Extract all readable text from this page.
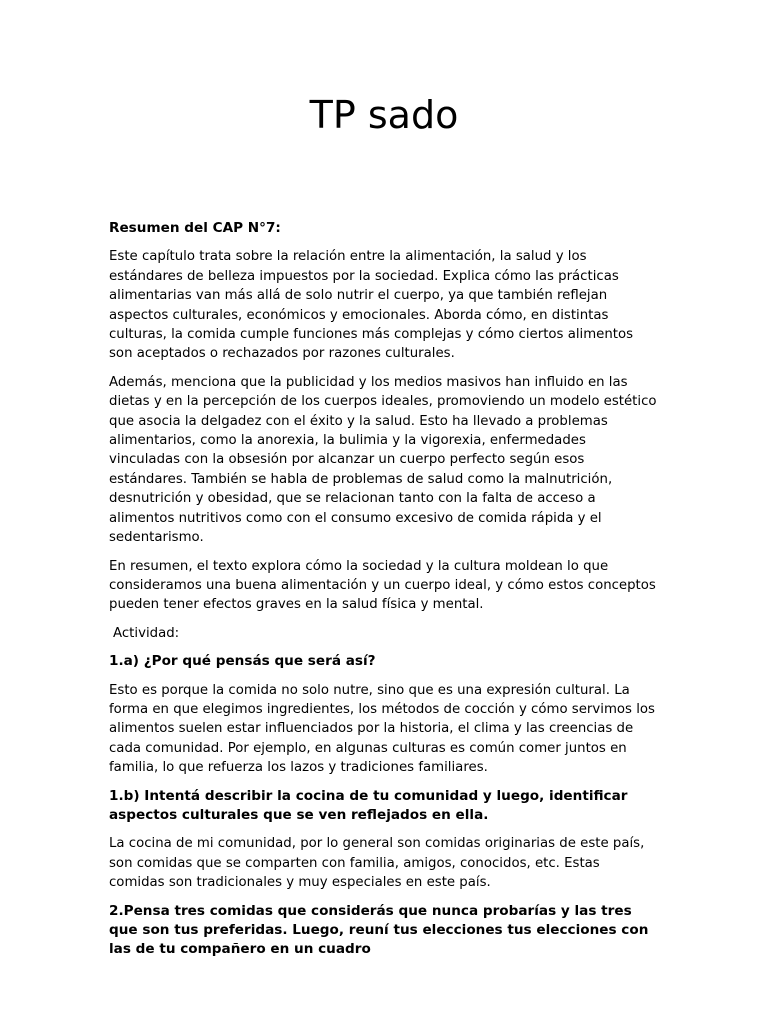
TP sado

Resumen del CAP N°7:

Este capítulo trata sobre la relación entre la alimentación, la salud y los estándares de belleza impuestos por la sociedad. Explica cómo las prácticas alimentarias van más allá de solo nutrir el cuerpo, ya que también reflejan aspectos culturales, económicos y emocionales. Aborda cómo, en distintas culturas, la comida cumple funciones más complejas y cómo ciertos alimentos son aceptados o rechazados por razones culturales.

Además, menciona que la publicidad y los medios masivos han influido en las dietas y en la percepción de los cuerpos ideales, promoviendo un modelo estético que asocia la delgadez con el éxito y la salud. Esto ha llevado a problemas alimentarios, como la anorexia, la bulimia y la vigorexia, enfermedades vinculadas con la obsesión por alcanzar un cuerpo perfecto según esos estándares. También se habla de problemas de salud como la malnutrición, desnutrición y obesidad, que se relacionan tanto con la falta de acceso a alimentos nutritivos como con el consumo excesivo de comida rápida y el sedentarismo.

En resumen, el texto explora cómo la sociedad y la cultura moldean lo que consideramos una buena alimentación y un cuerpo ideal, y cómo estos conceptos pueden tener efectos graves en la salud física y mental.

Actividad:

1.a) ¿Por qué pensás que será así?

Esto es porque la comida no solo nutre, sino que es una expresión cultural. La forma en que elegimos ingredientes, los métodos de cocción y cómo servimos los alimentos suelen estar influenciados por la historia, el clima y las creencias de cada comunidad. Por ejemplo, en algunas culturas es común comer juntos en familia, lo que refuerza los lazos y tradiciones familiares.

1.b) Intentá describir la cocina de tu comunidad y luego, identificar aspectos culturales que se ven reflejados en ella.

La cocina de mi comunidad, por lo general son comidas originarias de este país, son comidas que se comparten con familia, amigos, conocidos, etc. Estas comidas son tradicionales y muy especiales en este país.

2.Pensa tres comidas que considerás que nunca probarías y las tres que son tus preferidas. Luego, reuní tus elecciones tus elecciones con las de tu compañero en un cuadro
